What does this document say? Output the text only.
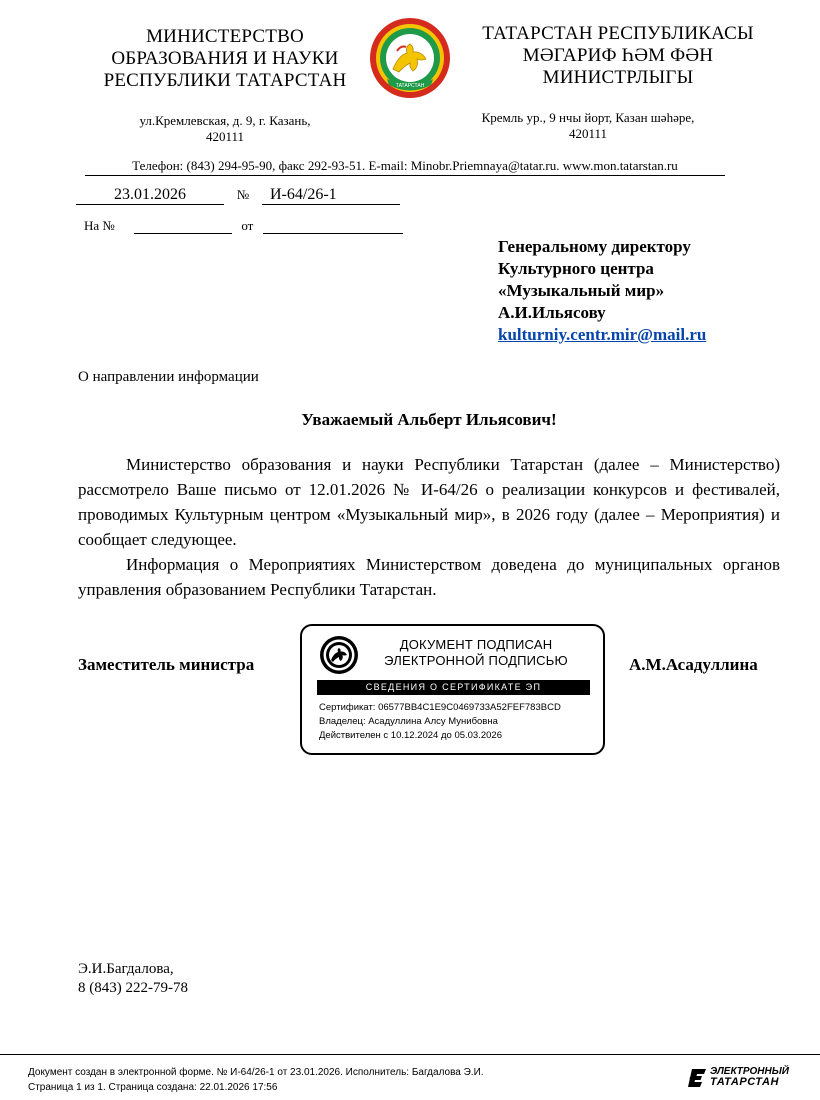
МИНИСТЕРСТВО
ОБРАЗОВАНИЯ И НАУКИ
РЕСПУБЛИКИ ТАТАРСТАН	ТАТАРСТАН
ТАТАРСТАН РЕСПУБЛИКАСЫ
МӘГАРИФ ҺӘМ ФӘН
МИНИСТРЛЫГЫ
ул.Кремлевская, д. 9, г. Казань,
420111
Кремль ур., 9 нчы йорт, Казан шәһәре,
420111
Телефон: (843) 294-95-90, факс 292-93-51. E-mail: Minobr.Priemnaya@tatar.ru. www.mon.tatarstan.ru
23.01.2026	№ И-64/26-1
На №	от
Генеральному директору
Культурного центра
«Музыкальный мир»
А.И.Ильясову
kulturniy.centr.mir@mail.ru
О направлении информации
Уважаемый Альберт Ильясович!

Министерство образования и науки Республики Татарстан (далее – Министерство) рассмотрело Ваше письмо от 12.01.2026 № И-64/26 о реализации конкурсов и фестивалей, проводимых Культурным центром «Музыкальный мир», в 2026 году (далее – Мероприятия) и сообщает следующее.

Информация о Мероприятиях Министерством доведена до муниципальных органов управления образованием Республики Татарстан.

Заместитель министра	А.М.Асадуллина
ДОКУМЕНТ ПОДПИСАН
ЭЛЕКТРОННОЙ ПОДПИСЬЮ
СВЕДЕНИЯ О СЕРТИФИКАТЕ ЭП
Сертификат: 06577BB4C1E9C0469733A52FEF783BCD
Владелец: Асадуллина Алсу Мунибовна
Действителен с 10.12.2024 до 05.03.2026
Э.И.Багдалова,
8 (843) 222-79-78
Документ создан в электронной форме. № И-64/26-1 от 23.01.2026. Исполнитель: Багдалова Э.И.
Страница 1 из 1. Страница создана: 22.01.2026 17:56
ЭЛЕКТРОННЫЙ
ТАТАРСТАН
